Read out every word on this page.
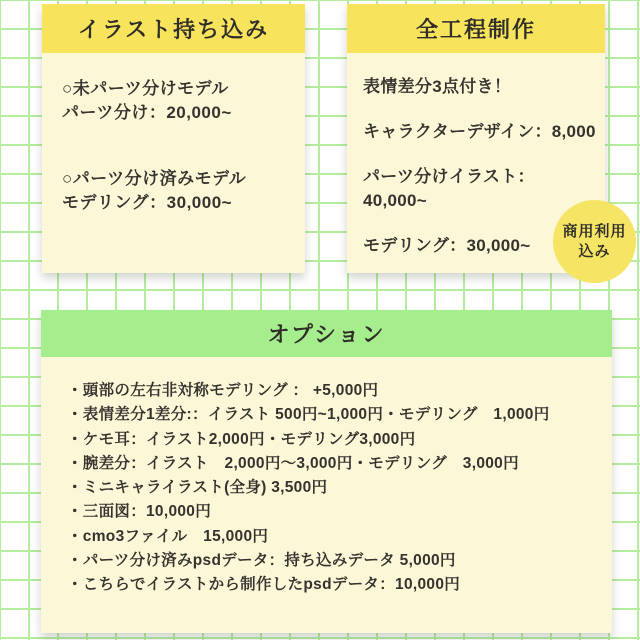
イラスト持ち込み
○未パーツ分けモデル
パーツ分け：20,000~
○パーツ分け済みモデル
モデリング：30,000~
全工程制作
表情差分3点付き！
キャラクターデザイン：8,000
パーツ分けイラスト：40,000~
モデリング：30,000~
商用利用
込み
オプション
・頭部の左右非対称モデリング ： +5,000円
・表情差分1差分:：イラスト 500円~1,000円・モデリング　1,000円
・ケモ耳：イラスト2,000円・モデリング3,000円
・腕差分：イラスト　2,000円〜3,000円・モデリング　3,000円
・ミニキャライラスト(全身) 3,500円
・三面図：10,000円
・cmo3ファイル　15,000円
・パーツ分け済みpsdデータ：持ち込みデータ 5,000円
・こちらでイラストから制作したpsdデータ：10,000円
